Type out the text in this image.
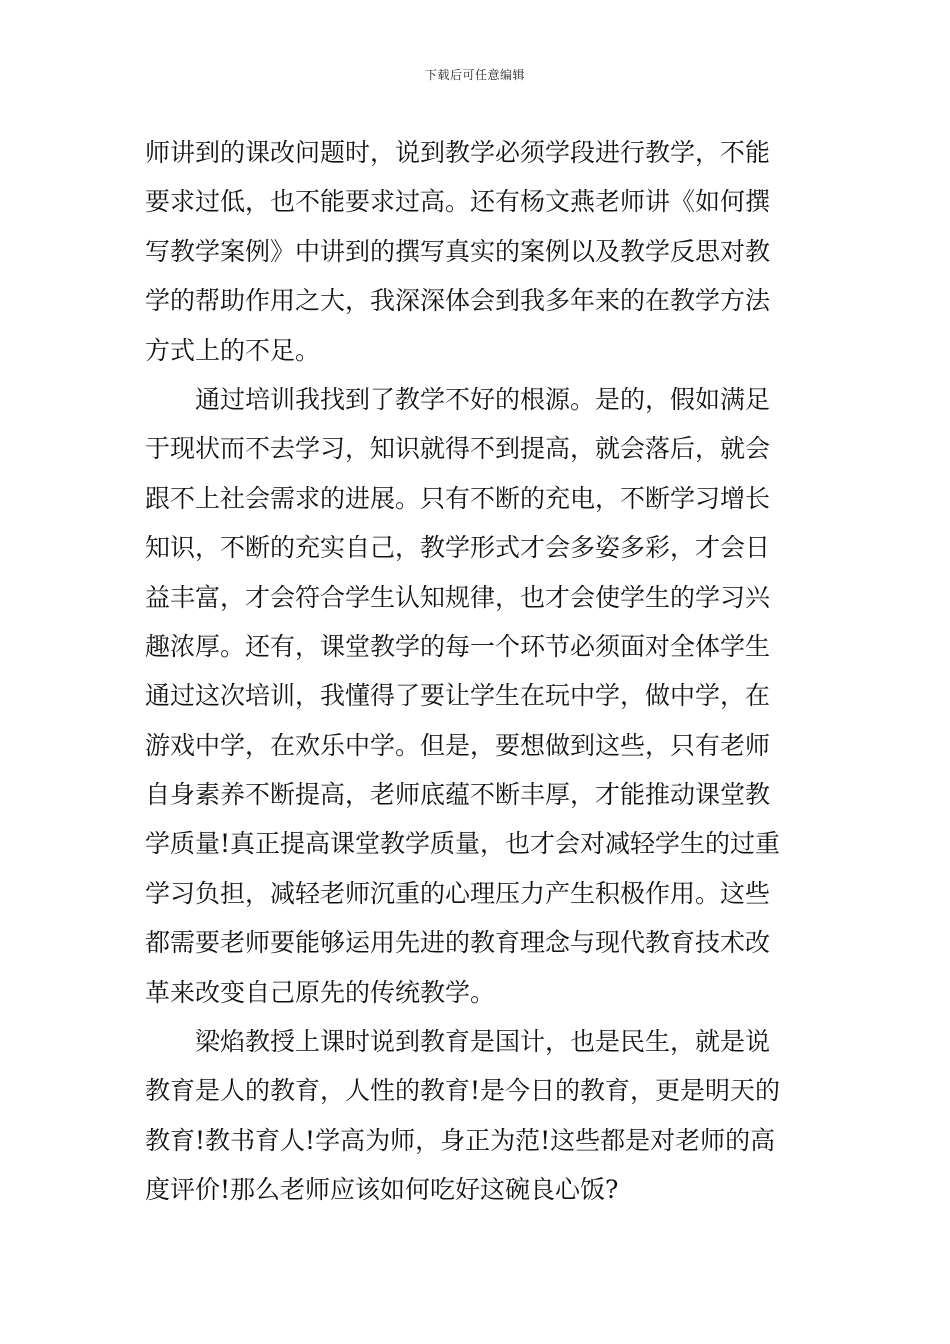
下载后可任意编辑
师讲到的课改问题时，说到教学必须学段进行教学，不能
要求过低，也不能要求过高。还有杨文燕老师讲《如何撰
写教学案例》中讲到的撰写真实的案例以及教学反思对教
学的帮助作用之大，我深深体会到我多年来的在教学方法
方式上的不足。
通过培训我找到了教学不好的根源。是的，假如满足
于现状而不去学习，知识就得不到提高，就会落后，就会
跟不上社会需求的进展。只有不断的充电，不断学习增长
知识，不断的充实自己，教学形式才会多姿多彩，才会日
益丰富，才会符合学生认知规律，也才会使学生的学习兴
趣浓厚。还有，课堂教学的每一个环节必须面对全体学生
通过这次培训，我懂得了要让学生在玩中学，做中学，在
游戏中学，在欢乐中学。但是，要想做到这些，只有老师
自身素养不断提高，老师底蕴不断丰厚，才能推动课堂教
学质量!真正提高课堂教学质量，也才会对减轻学生的过重
学习负担，减轻老师沉重的心理压力产生积极作用。这些
都需要老师要能够运用先进的教育理念与现代教育技术改
革来改变自己原先的传统教学。
梁焰教授上课时说到教育是国计，也是民生，就是说
教育是人的教育，人性的教育!是今日的教育，更是明天的
教育!教书育人!学高为师，身正为范!这些都是对老师的高
度评价!那么老师应该如何吃好这碗良心饭?
